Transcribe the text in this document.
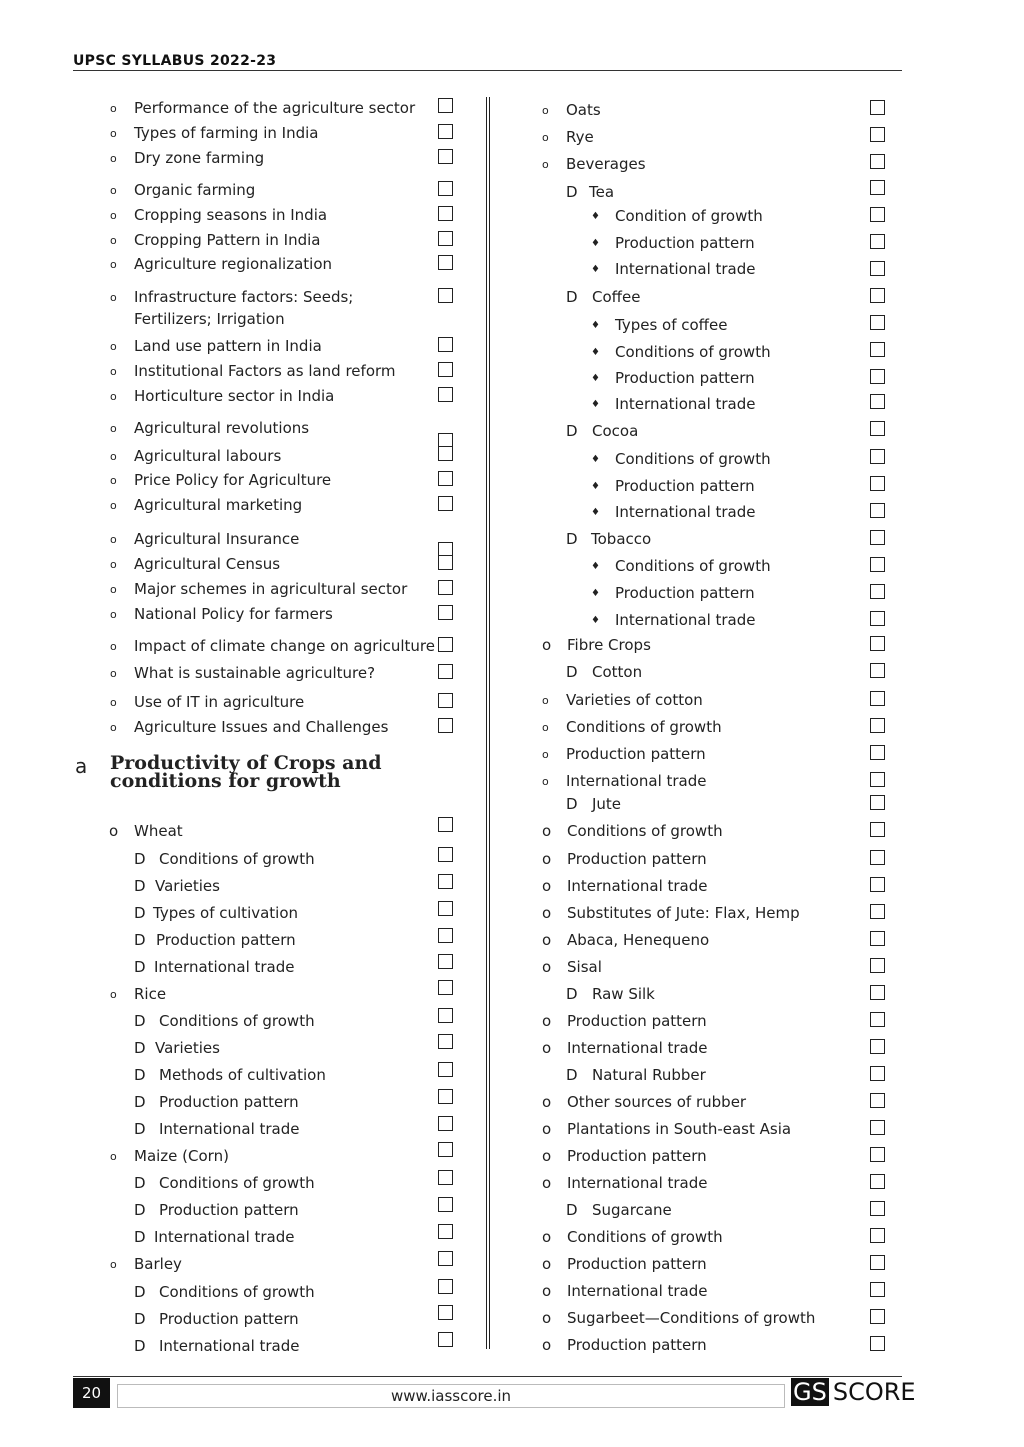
UPSC SYLLABUS 2022-23
o Performance of the agriculture sector
o Types of farming in India
o Dry zone farming
o Organic farming
o Cropping seasons in India
o Cropping Pattern in India
o Agriculture regionalization
o Infrastructure factors: Seeds;
Fertilizers; Irrigation
o Land use pattern in India
o Institutional Factors as land reform
o Horticulture sector in India
o Agricultural revolutions
o Agricultural labours
o Price Policy for Agriculture
o Agricultural marketing
o Agricultural Insurance
o Agricultural Census
o Major schemes in agricultural sector
o National Policy for farmers
o Impact of climate change on agriculture
o What is sustainable agriculture?
o Use of IT in agriculture
o Agriculture Issues and Challenges
o Wheat
D Conditions of growth
D Varieties
D Types of cultivation
D Production pattern
D International trade
o Rice
D Conditions of growth
D Varieties
D Methods of cultivation
D Production pattern
D International trade
o Maize (Corn)
D Conditions of growth
D Production pattern
D International trade
o Barley
D Conditions of growth
D Production pattern
D International trade
a Productivity of Crops and
conditions for growth
o Oats
o Rye
o Beverages
D Tea
♦ Condition of growth
♦ Production pattern
♦ International trade
D Coffee
♦ Types of coffee
♦ Conditions of growth
♦ Production pattern
♦ International trade
D Cocoa
♦ Conditions of growth
♦ Production pattern
♦ International trade
D Tobacco
♦ Conditions of growth
♦ Production pattern
♦ International trade
o Fibre Crops
D Cotton
o Varieties of cotton
o Conditions of growth
o Production pattern
o International trade
D Jute
o Conditions of growth
o Production pattern
o International trade
o Substitutes of Jute: Flax, Hemp
o Abaca, Henequeno
o Sisal
D Raw Silk
o Production pattern
o International trade
D Natural Rubber
o Other sources of rubber
o Plantations in South-east Asia
o Production pattern
o International trade
D Sugarcane
o Conditions of growth
o Production pattern
o International trade
o Sugarbeet—Conditions of growth
o Production pattern
20	www.iasscore.in	GS SCORE
